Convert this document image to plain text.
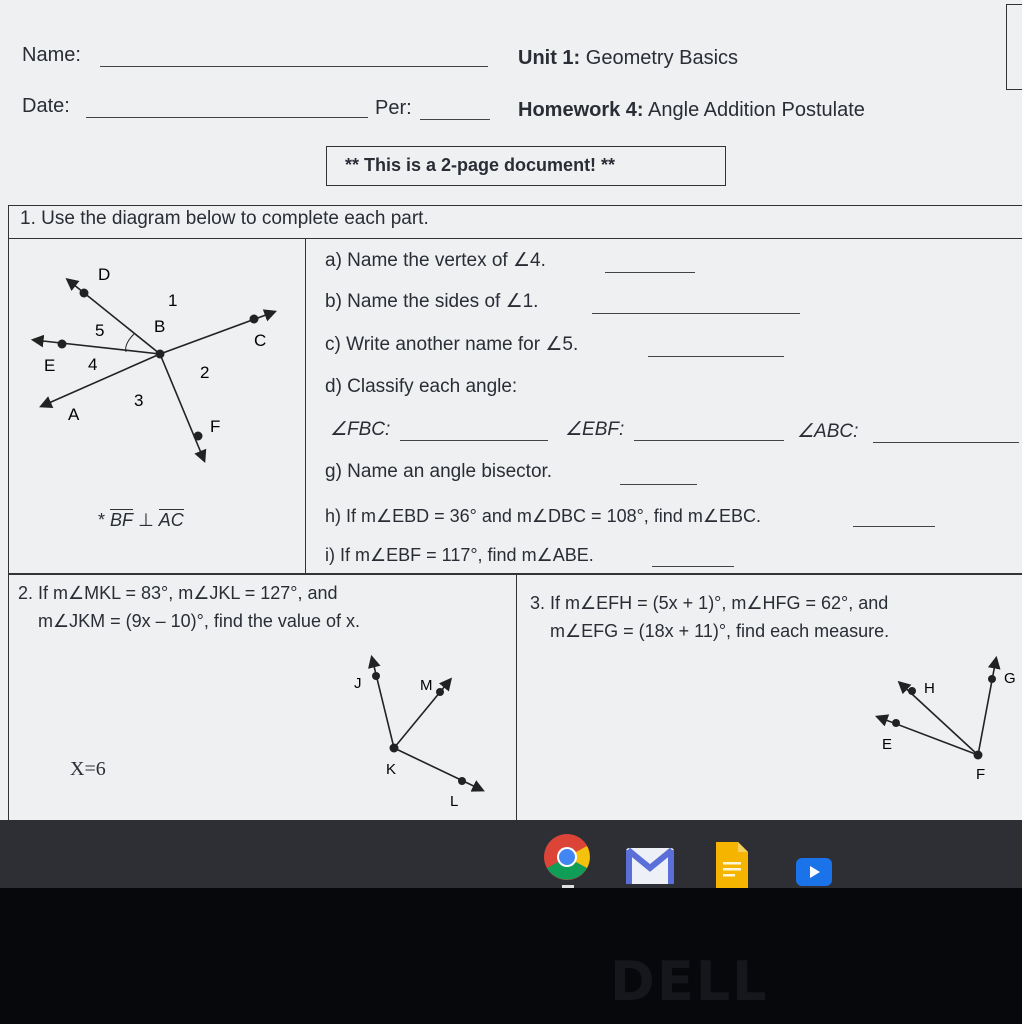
Name:
Date:	Per:
Unit 1: Geometry Basics
Homework 4: Angle Addition Postulate
** This is a 2-page document! **
1. Use the diagram below to complete each part.
D
1
B
C
5
E 4	2
3
A
F
* BF ⊥ AC
a) Name the vertex of ∠4.
b) Name the sides of ∠1.
c) Write another name for ∠5.
d) Classify each angle:
∠FBC:	∠EBF:	∠ABC:
g) Name an angle bisector.
h) If m∠EBD = 36° and m∠DBC = 108°, find m∠EBC.
i) If m∠EBF = 117°, find m∠ABE.
2. If m∠MKL = 83°, m∠JKL = 127°, and
m∠JKM = (9x – 10)°, find the value of x.
X=6
J	M
K
L
3. If m∠EFH = (5x + 1)°, m∠HFG = 62°, and
m∠EFG = (18x + 11)°, find each measure.
H
G
E
F
DELL
